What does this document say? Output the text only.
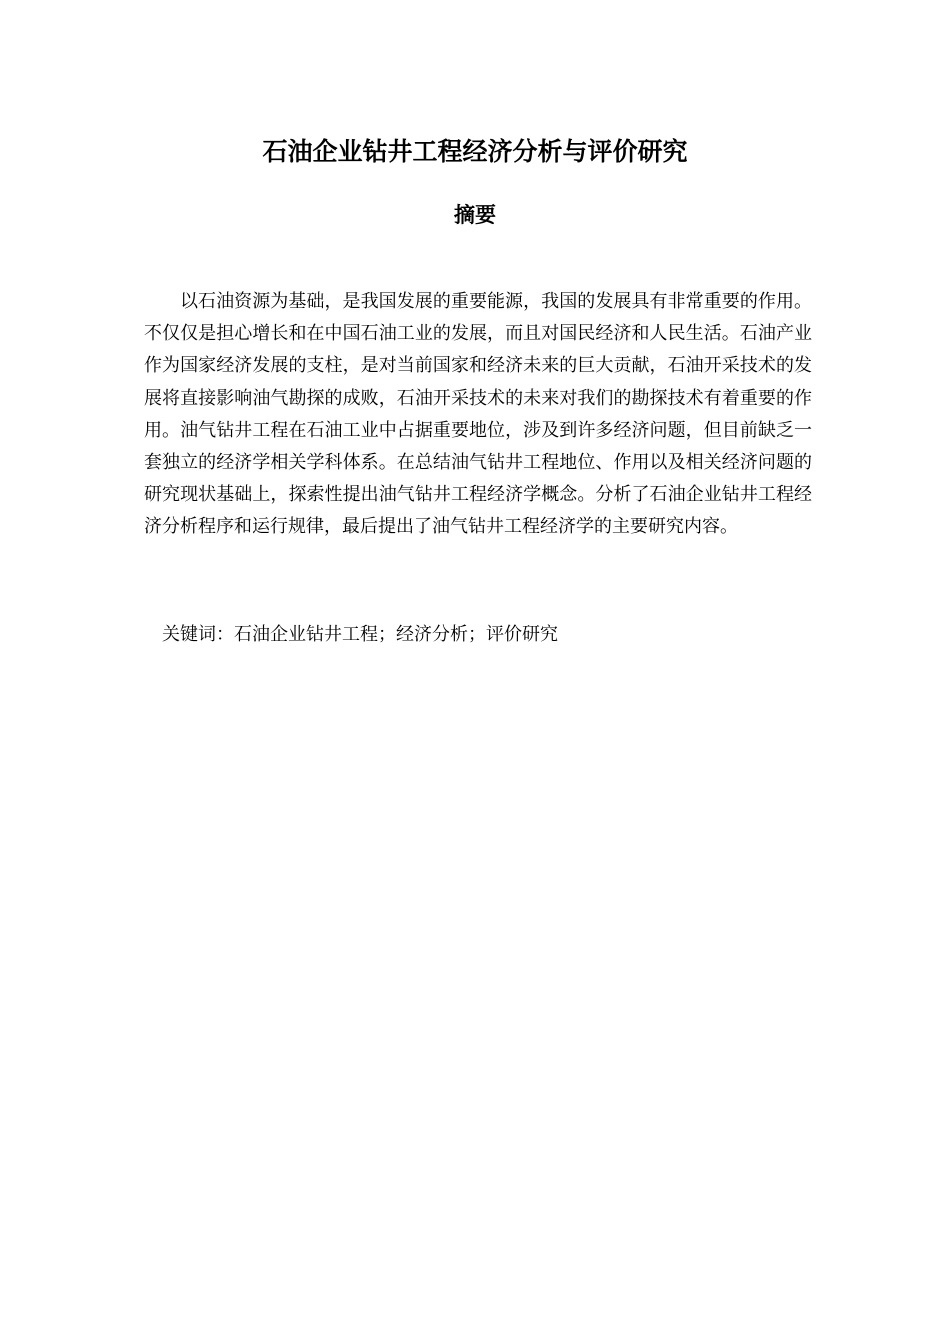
石油企业钻井工程经济分析与评价研究
摘要

以石油资源为基础，是我国发展的重要能源，我国的发展具有非常重要的作用。不仅仅是担心增长和在中国石油工业的发展，而且对国民经济和人民生活。石油产业作为国家经济发展的支柱，是对当前国家和经济未来的巨大贡献，石油开采技术的发展将直接影响油气勘探的成败，石油开采技术的未来对我们的勘探技术有着重要的作用。油气钻井工程在石油工业中占据重要地位，涉及到许多经济问题，但目前缺乏一套独立的经济学相关学科体系。在总结油气钻井工程地位、作用以及相关经济问题的研究现状基础上，探索性提出油气钻井工程经济学概念。分析了石油企业钻井工程经济分析程序和运行规律，最后提出了油气钻井工程经济学的主要研究内容。

关键词：石油企业钻井工程；经济分析；评价研究
